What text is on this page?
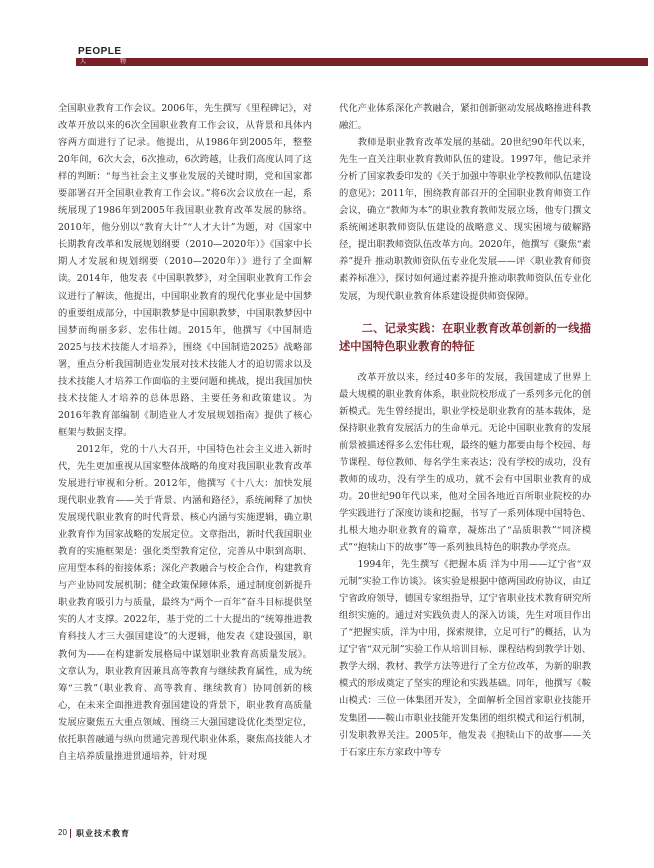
PEOPLE
人物

全国职业教育工作会议。2006年，先生撰写《里程碑记》，对改革开放以来的6次全国职业教育工作会议，从背景和具体内容两方面进行了记录。他提出，从1986年到2005年，整整20年间，6次大会，6次推动，6次跨越，让我们高度认同了这样的判断：“每当社会主义事业发展的关键时期，党和国家都要部署召开全国职业教育工作会议。”将6次会议放在一起，系统展现了1986年到2005年我国职业教育改革发展的脉络。2010年，他分别以“教育大计”“人才大计”为题，对《国家中长期教育改革和发展规划纲要（2010—2020年）》《国家中长期人才发展和规划纲要（2010—2020年）》进行了全面解读。2014年，他发表《中国职教梦》，对全国职业教育工作会议进行了解读，他提出，中国职业教育的现代化事业是中国梦的重要组成部分，中国职教梦是中国职教梦，中国职教梦因中国梦而绚丽多彩、宏伟壮阔。2015年，他撰写《中国制造2025与技术技能人才培养》，围绕《中国制造2025》战略部署，重点分析我国制造业发展对技术技能人才的迫切需求以及技术技能人才培养工作面临的主要问题和挑战，提出我国加快技术技能人才培养的总体思路、主要任务和政策建议。为2016年教育部编制《制造业人才发展规划指南》提供了核心框架与数据支撑。

2012年，党的十八大召开，中国特色社会主义进入新时代，先生更加重视从国家整体战略的角度对我国职业教育改革发展进行审视和分析。2012年，他撰写《十八大：加快发展现代职业教育——关于背景、内涵和路径》，系统阐释了加快发展现代职业教育的时代背景、核心内涵与实施逻辑，确立职业教育作为国家战略的发展定位。文章指出，新时代我国职业教育的实施框架是：强化类型教育定位，完善从中职到高职、应用型本科的衔接体系；深化产教融合与校企合作，构建教育与产业协同发展机制；健全政策保障体系，通过制度创新提升职业教育吸引力与质量，最终为“两个一百年”奋斗目标提供坚实的人才支撑。2022年，基于党的二十大提出的“统筹推进教育科技人才三大强国建设”的大逻辑，他发表《建设强国，职教何为——在构建新发展格局中谋划职业教育高质量发展》。文章认为，职业教育因兼具高等教育与继续教育属性，成为统筹“三教”（职业教育、高等教育、继续教育）协同创新的核心，在未来全面推进教育强国建设的背景下，职业教育高质量发展应聚焦五大重点领域、围绕三大强国建设优化类型定位，依托职普融通与纵向贯通完善现代职业体系，聚焦高技能人才自主培养质量推进贯通培养，针对现

代化产业体系深化产教融合，紧扣创新驱动发展战略推进科教融汇。

教师是职业教育改革发展的基础。20世纪90年代以来，先生一直关注职业教育教师队伍的建设。1997年，他记录并分析了国家教委印发的《关于加强中等职业学校教师队伍建设的意见》；2011年，围绕教育部召开的全国职业教育师资工作会议，确立“教师为本”的职业教育教师发展立场，他专门撰文系统阐述职教师资队伍建设的战略意义、现实困境与破解路径，提出职教师资队伍改革方向。2020年，他撰写《聚焦“素养”提升 推动职教师资队伍专业化发展——评〈职业教育师资素养标准〉》，探讨如何通过素养提升推动职教师资队伍专业化发展，为现代职业教育体系建设提供师资保障。

二、记录实践：在职业教育改革创新的一线描述中国特色职业教育的特征

改革开放以来，经过40多年的发展，我国建成了世界上最大规模的职业教育体系，职业院校形成了一系列多元化的创新模式。先生曾经提出，职业学校是职业教育的基本载体，是保持职业教育发展活力的生命单元。无论中国职业教育的发展前景被描述得多么宏伟壮观，最终的魅力都要由每个校园、每节课程、每位教师、每名学生来表达；没有学校的成功，没有教师的成功，没有学生的成功，就不会有中国职业教育的成功。20世纪90年代以来，他对全国各地近百所职业院校的办学实践进行了深度访谈和挖掘，书写了一系列体现中国特色、扎根大地办职业教育的篇章，凝炼出了“品质职教”“同济模式”“抱犊山下的故事”等一系列独具特色的职教办学亮点。

1994年，先生撰写《把握本质 洋为中用——辽宁省“双元制”实验工作访谈》。该实验是根据中德两国政府协议，由辽宁省政府领导，德国专家组指导，辽宁省职业技术教育研究所组织实施的。通过对实践负责人的深入访谈，先生对项目作出了“把握实质，洋为中用，探索规律，立足可行”的概括，认为辽宁省“双元制”实验工作从培训目标、课程结构到教学计划、教学大纲、教材、教学方法等进行了全方位改革，为新的职教模式的形成奠定了坚实的理论和实践基础。同年，他撰写《鞍山模式：三位一体集团开发》，全面解析全国首家职业技能开发集团——鞍山市职业技能开发集团的组织模式和运行机制，引发职教界关注。2005年，他发表《抱犊山下的故事——关于石家庄东方家政中等专

20 职业技术教育
